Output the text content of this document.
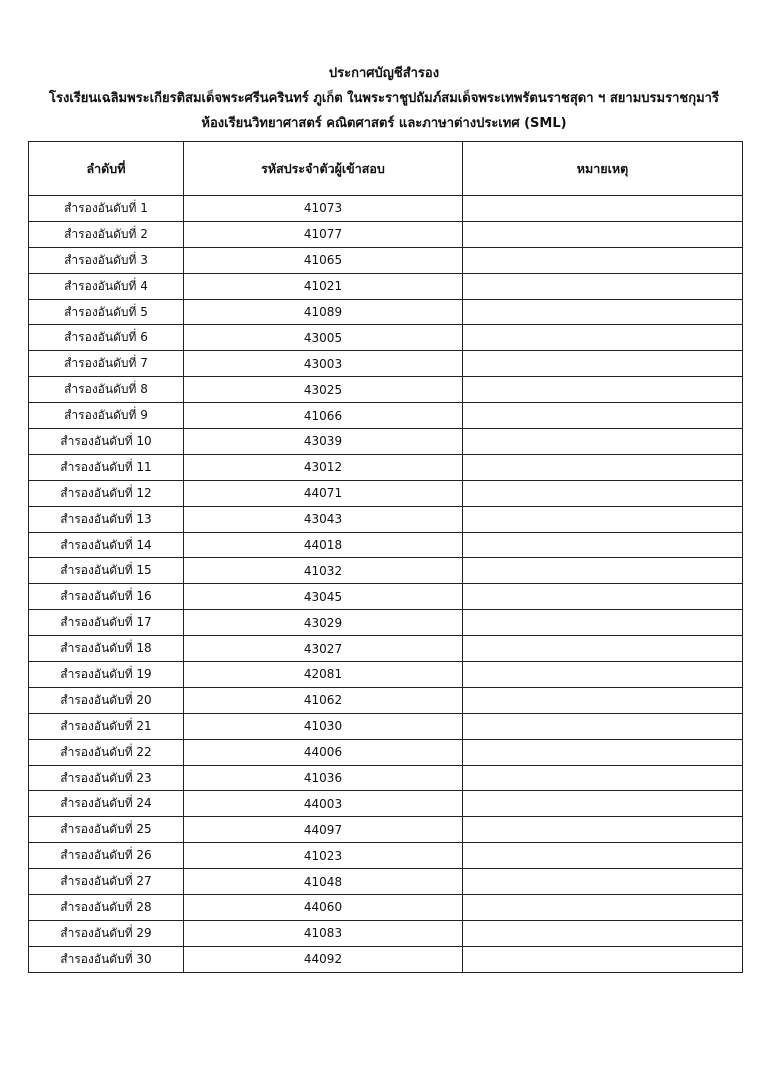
ประกาศบัญชีสำรอง
โรงเรียนเฉลิมพระเกียรติสมเด็จพระศรีนครินทร์ ภูเก็ต ในพระราชูปถัมภ์สมเด็จพระเทพรัตนราชสุดา ฯ สยามบรมราชกุมารี
ห้องเรียนวิทยาศาสตร์ คณิตศาสตร์ และภาษาต่างประเทศ (SML)
ลำดับที่	รหัสประจำตัวผู้เข้าสอบ	หมายเหตุ
สำรองอันดับที่ 1	41073	
สำรองอันดับที่ 2	41077	
สำรองอันดับที่ 3	41065	
สำรองอันดับที่ 4	41021	
สำรองอันดับที่ 5	41089	
สำรองอันดับที่ 6	43005	
สำรองอันดับที่ 7	43003	
สำรองอันดับที่ 8	43025	
สำรองอันดับที่ 9	41066	
สำรองอันดับที่ 10	43039	
สำรองอันดับที่ 11	43012	
สำรองอันดับที่ 12	44071	
สำรองอันดับที่ 13	43043	
สำรองอันดับที่ 14	44018	
สำรองอันดับที่ 15	41032	
สำรองอันดับที่ 16	43045	
สำรองอันดับที่ 17	43029	
สำรองอันดับที่ 18	43027	
สำรองอันดับที่ 19	42081	
สำรองอันดับที่ 20	41062	
สำรองอันดับที่ 21	41030	
สำรองอันดับที่ 22	44006	
สำรองอันดับที่ 23	41036	
สำรองอันดับที่ 24	44003	
สำรองอันดับที่ 25	44097	
สำรองอันดับที่ 26	41023	
สำรองอันดับที่ 27	41048	
สำรองอันดับที่ 28	44060	
สำรองอันดับที่ 29	41083	
สำรองอันดับที่ 30	44092	
